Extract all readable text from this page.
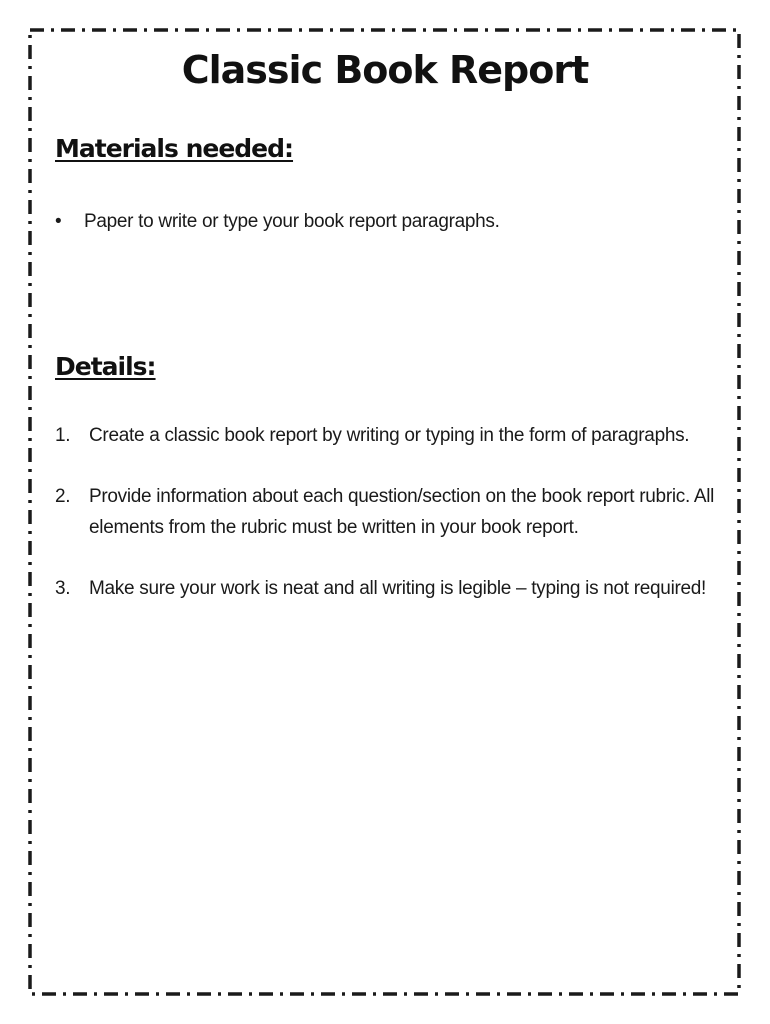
Classic Book Report
Materials needed:
• Paper to write or type your book report paragraphs.
Details:
1. Create a classic book report by writing or typing in the form of paragraphs.
2. Provide information about each question/section on the book report rubric. All elements from the rubric must be written in your book report.
3. Make sure your work is neat and all writing is legible – typing is not required!
